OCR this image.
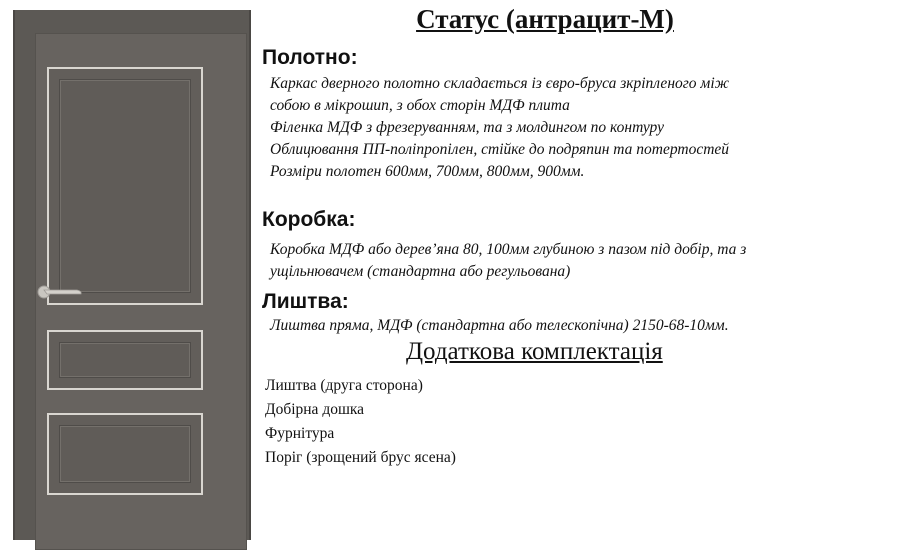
Статус (антрацит-М)
Полотно:
Каркас дверного полотно складається із євро-бруса зкріпленого між
собою в мікрошип, з обох сторін МДФ плита
Філенка МДФ з фрезеруванням, та з молдингом по контуру
Облицювання ПП-поліпропілен, стійке до подряпин та потертостей
Розміри полотен 600мм, 700мм, 800мм, 900мм.
Коробка:
Коробка МДФ або дерев’яна 80, 100мм глубиною з пазом під добір, та з
ущільнювачем (стандартна або регульована)
Лиштва:
Лиштва пряма, МДФ (стандартна або телескопічна) 2150-68-10мм.
Додаткова комплектація
Лиштва (друга сторона)
Добірна дошка
Фурнітура
Поріг (зрощений брус ясена)
